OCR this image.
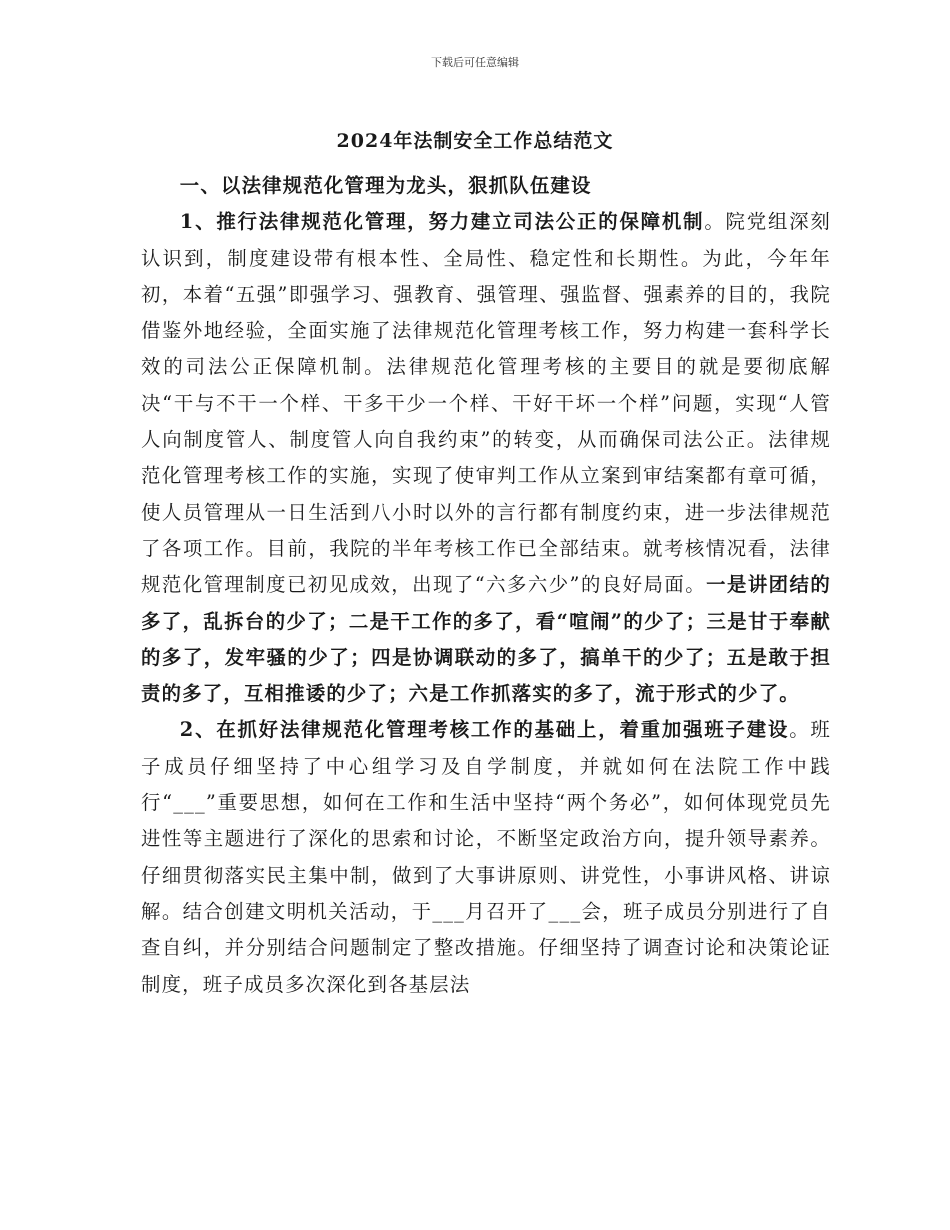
下载后可任意编辑
2024年法制安全工作总结范文

一、以法律规范化管理为龙头，狠抓队伍建设

1、推行法律规范化管理，努力建立司法公正的保障机制。院党组深刻认识到，制度建设带有根本性、全局性、稳定性和长期性。为此，今年年初，本着“五强”即强学习、强教育、强管理、强监督、强素养的目的，我院借鉴外地经验，全面实施了法律规范化管理考核工作，努力构建一套科学长效的司法公正保障机制。法律规范化管理考核的主要目的就是要彻底解决“干与不干一个样、干多干少一个样、干好干坏一个样”问题，实现“人管人向制度管人、制度管人向自我约束”的转变，从而确保司法公正。法律规范化管理考核工作的实施，实现了使审判工作从立案到审结案都有章可循，使人员管理从一日生活到八小时以外的言行都有制度约束，进一步法律规范了各项工作。目前，我院的半年考核工作已全部结束。就考核情况看，法律规范化管理制度已初见成效，出现了“六多六少”的良好局面。一是讲团结的多了，乱拆台的少了；二是干工作的多了，看“喧闹”的少了；三是甘于奉献的多了，发牢骚的少了；四是协调联动的多了，搞单干的少了；五是敢于担责的多了，互相推诿的少了；六是工作抓落实的多了，流于形式的少了。

2、在抓好法律规范化管理考核工作的基础上，着重加强班子建设。班子成员仔细坚持了中心组学习及自学制度，并就如何在法院工作中践行“___”重要思想，如何在工作和生活中坚持“两个务必”，如何体现党员先进性等主题进行了深化的思索和讨论，不断坚定政治方向，提升领导素养。仔细贯彻落实民主集中制，做到了大事讲原则、讲党性，小事讲风格、讲谅解。结合创建文明机关活动，于___月召开了___会，班子成员分别进行了自查自纠，并分别结合问题制定了整改措施。仔细坚持了调查讨论和决策论证制度，班子成员多次深化到各基层法
